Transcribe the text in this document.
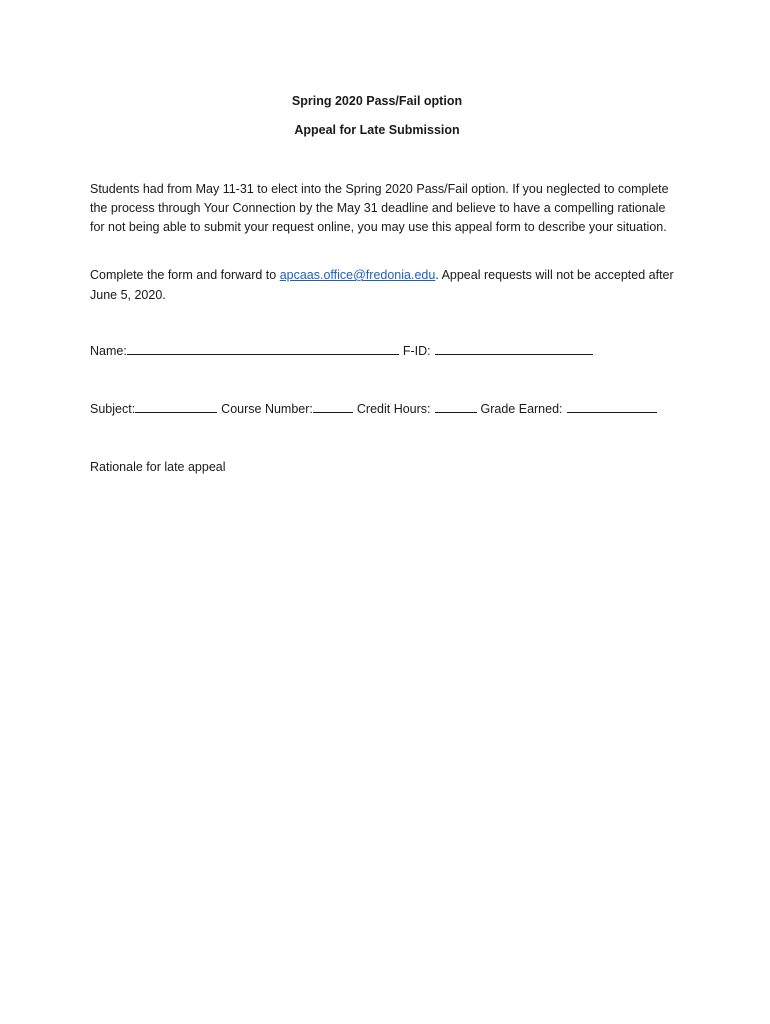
Spring 2020 Pass/Fail option
Appeal for Late Submission
Students had from May 11-31 to elect into the Spring 2020 Pass/Fail option. If you neglected to complete the process through Your Connection by the May 31 deadline and believe to have a compelling rationale for not being able to submit your request online, you may use this appeal form to describe your situation.
Complete the form and forward to apcaas.office@fredonia.edu. Appeal requests will not be accepted after June 5, 2020.
Name:	F-ID:
Subject:	Course Number:	Credit Hours:	Grade Earned:
Rationale for late appeal
